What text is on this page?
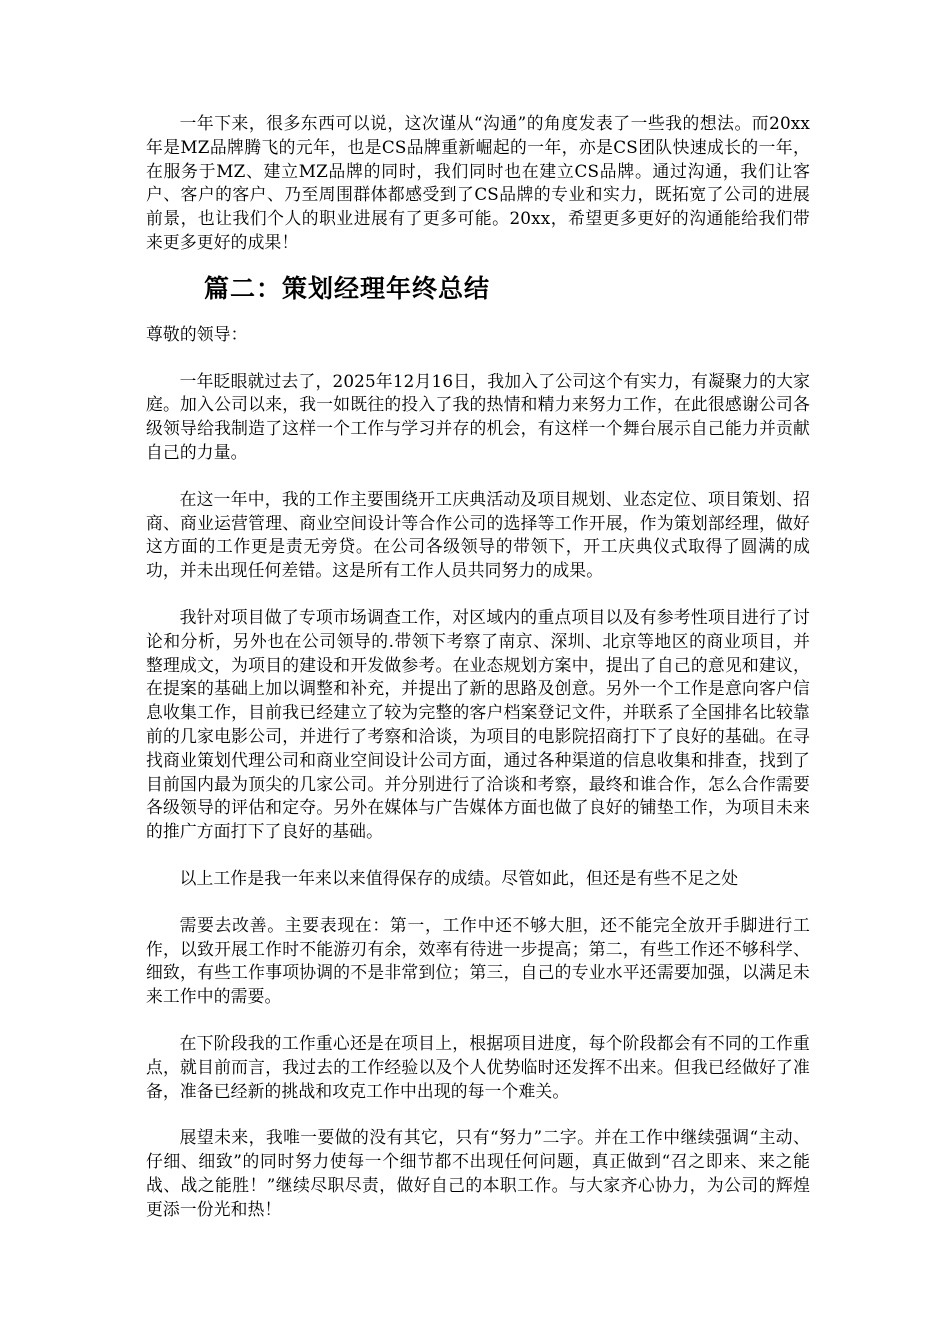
一年下来，很多东西可以说，这次谨从“沟通”的角度发表了一些我的想法。而20xx年是MZ品牌腾飞的元年，也是CS品牌重新崛起的一年，亦是CS团队快速成长的一年，在服务于MZ、建立MZ品牌的同时，我们同时也在建立CS品牌。通过沟通，我们让客户、客户的客户、乃至周围群体都感受到了CS品牌的专业和实力，既拓宽了公司的进展前景，也让我们个人的职业进展有了更多可能。20xx，希望更多更好的沟通能给我们带来更多更好的成果！

篇二：策划经理年终总结

尊敬的领导：

一年眨眼就过去了，2025年12月16日，我加入了公司这个有实力，有凝聚力的大家庭。加入公司以来，我一如既往的投入了我的热情和精力来努力工作，在此很感谢公司各级领导给我制造了这样一个工作与学习并存的机会，有这样一个舞台展示自己能力并贡献自己的力量。

在这一年中，我的工作主要围绕开工庆典活动及项目规划、业态定位、项目策划、招商、商业运营管理、商业空间设计等合作公司的选择等工作开展，作为策划部经理，做好这方面的工作更是责无旁贷。在公司各级领导的带领下，开工庆典仪式取得了圆满的成功，并未出现任何差错。这是所有工作人员共同努力的成果。

我针对项目做了专项市场调查工作，对区域内的重点项目以及有参考性项目进行了讨论和分析，另外也在公司领导的.带领下考察了南京、深圳、北京等地区的商业项目，并整理成文，为项目的建设和开发做参考。在业态规划方案中，提出了自己的意见和建议，在提案的基础上加以调整和补充，并提出了新的思路及创意。另外一个工作是意向客户信息收集工作，目前我已经建立了较为完整的客户档案登记文件，并联系了全国排名比较靠前的几家电影公司，并进行了考察和洽谈，为项目的电影院招商打下了良好的基础。在寻找商业策划代理公司和商业空间设计公司方面，通过各种渠道的信息收集和排查，找到了目前国内最为顶尖的几家公司。并分别进行了洽谈和考察，最终和谁合作，怎么合作需要各级领导的评估和定夺。另外在媒体与广告媒体方面也做了良好的铺垫工作，为项目未来的推广方面打下了良好的基础。

以上工作是我一年来以来值得保存的成绩。尽管如此，但还是有些不足之处

需要去改善。主要表现在：第一，工作中还不够大胆，还不能完全放开手脚进行工作，以致开展工作时不能游刃有余，效率有待进一步提高；第二，有些工作还不够科学、细致，有些工作事项协调的不是非常到位；第三，自己的专业水平还需要加强，以满足未来工作中的需要。

在下阶段我的工作重心还是在项目上，根据项目进度，每个阶段都会有不同的工作重点，就目前而言，我过去的工作经验以及个人优势临时还发挥不出来。但我已经做好了准备，准备已经新的挑战和攻克工作中出现的每一个难关。

展望未来，我唯一要做的没有其它，只有“努力”二字。并在工作中继续强调“主动、仔细、细致”的同时努力使每一个细节都不出现任何问题，真正做到“召之即来、来之能战、战之能胜！”继续尽职尽责，做好自己的本职工作。与大家齐心协力，为公司的辉煌更添一份光和热！
